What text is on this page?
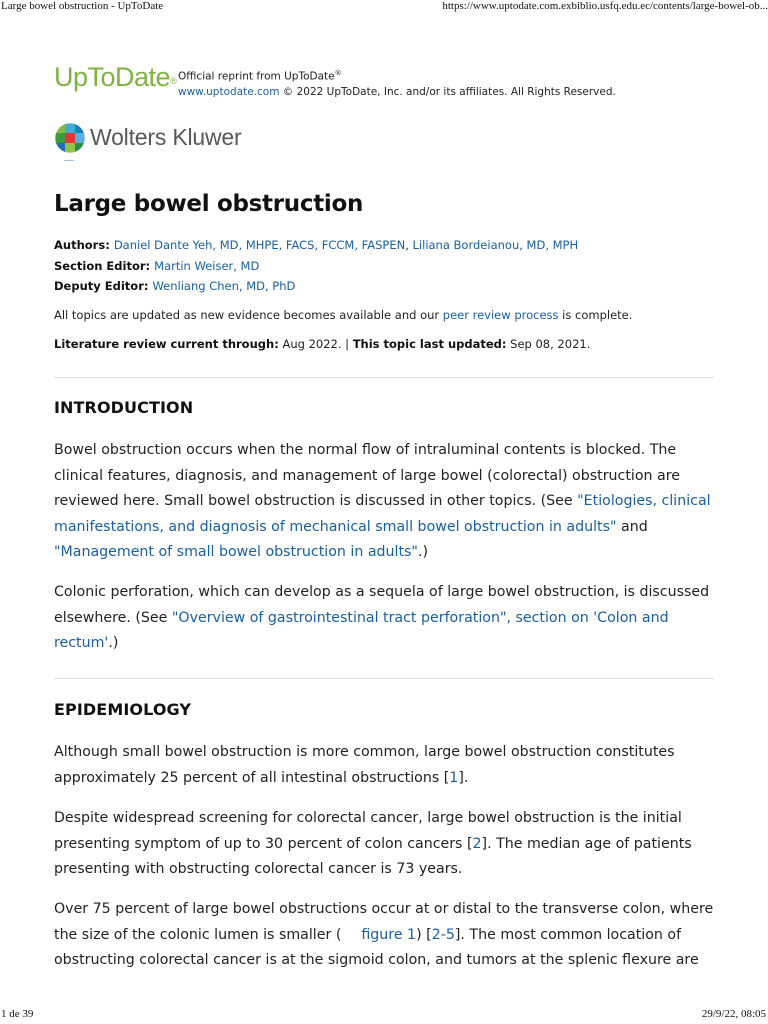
Large bowel obstruction - UpToDate	https://www.uptodate.com.exbiblio.usfq.edu.ec/contents/large-bowel-ob...
UpToDate® Official reprint from UpToDate®
www.uptodate.com © 2022 UpToDate, Inc. and/or its affiliates. All Rights Reserved.
Wolters Kluwer
Large bowel obstruction
Authors: Daniel Dante Yeh, MD, MHPE, FACS, FCCM, FASPEN, Liliana Bordeianou, MD, MPH
Section Editor: Martin Weiser, MD
Deputy Editor: Wenliang Chen, MD, PhD
All topics are updated as new evidence becomes available and our peer review process is complete.
Literature review current through: Aug 2022. | This topic last updated: Sep 08, 2021.
INTRODUCTION

Bowel obstruction occurs when the normal flow of intraluminal contents is blocked. The clinical features, diagnosis, and management of large bowel (colorectal) obstruction are reviewed here. Small bowel obstruction is discussed in other topics. (See "Etiologies, clinical manifestations, and diagnosis of mechanical small bowel obstruction in adults" and "Management of small bowel obstruction in adults".)

Colonic perforation, which can develop as a sequela of large bowel obstruction, is discussed elsewhere. (See "Overview of gastrointestinal tract perforation", section on 'Colon and rectum'.)

EPIDEMIOLOGY

Although small bowel obstruction is more common, large bowel obstruction constitutes approximately 25 percent of all intestinal obstructions [1].

Despite widespread screening for colorectal cancer, large bowel obstruction is the initial presenting symptom of up to 30 percent of colon cancers [2]. The median age of patients presenting with obstructing colorectal cancer is 73 years.

Over 75 percent of large bowel obstructions occur at or distal to the transverse colon, where the size of the colonic lumen is smaller ( figure 1) [2-5]. The most common location of obstructing colorectal cancer is at the sigmoid colon, and tumors at the splenic flexure are

1 de 39	29/9/22, 08:05
